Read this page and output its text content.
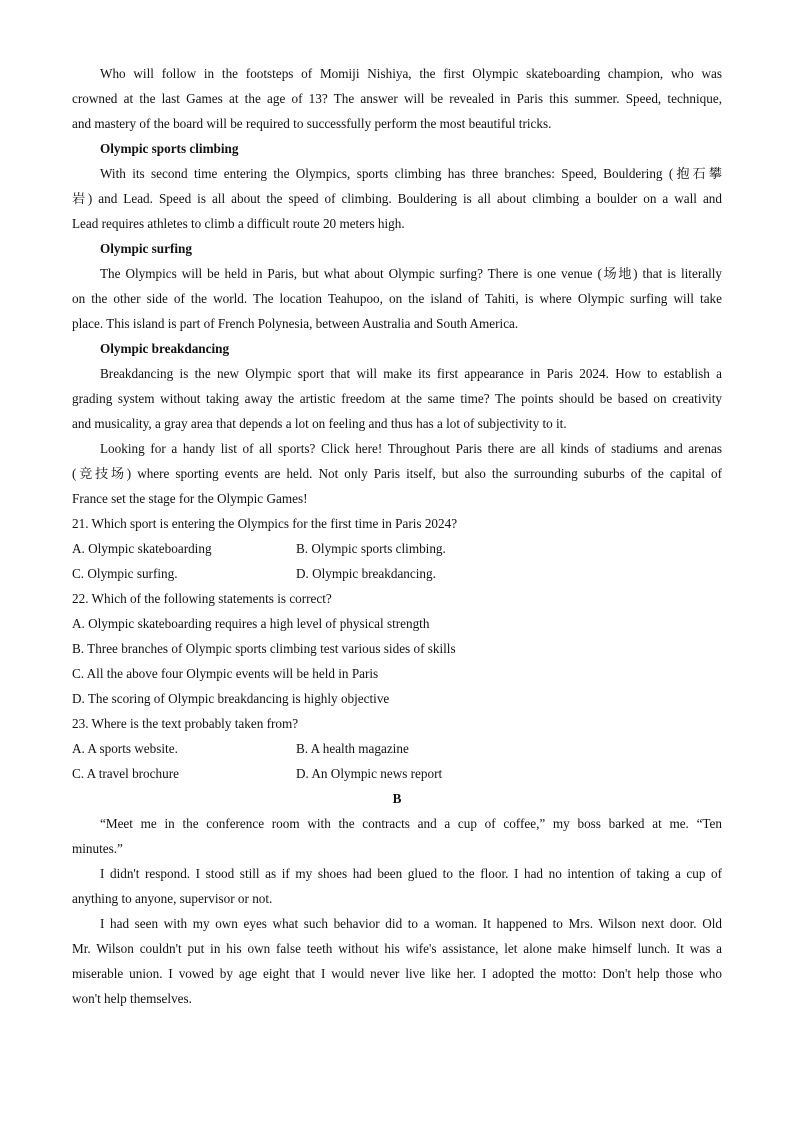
Who will follow in the footsteps of Momiji Nishiya, the first Olympic skateboarding champion, who was
crowned at the last Games at the age of 13? The answer will be revealed in Paris this summer. Speed, technique,
and mastery of the board will be required to successfully perform the most beautiful tricks.
Olympic sports climbing
With its second time entering the Olympics, sports climbing has three branches: Speed, Bouldering (抱石攀
岩) and Lead. Speed is all about the speed of climbing. Bouldering is all about climbing a boulder on a wall and
Lead requires athletes to climb a difficult route 20 meters high.
Olympic surfing
The Olympics will be held in Paris, but what about Olympic surfing? There is one venue (场地) that is literally
on the other side of the world. The location Teahupoo, on the island of Tahiti, is where Olympic surfing will take
place. This island is part of French Polynesia, between Australia and South America.
Olympic breakdancing
Breakdancing is the new Olympic sport that will make its first appearance in Paris 2024. How to establish a
grading system without taking away the artistic freedom at the same time? The points should be based on creativity
and musicality, a gray area that depends a lot on feeling and thus has a lot of subjectivity to it.
Looking for a handy list of all sports? Click here! Throughout Paris there are all kinds of stadiums and arenas
(竞技场) where sporting events are held. Not only Paris itself, but also the surrounding suburbs of the capital of
France set the stage for the Olympic Games!
21. Which sport is entering the Olympics for the first time in Paris 2024?
A. Olympic skateboarding	B. Olympic sports climbing.
C. Olympic surfing.	D. Olympic breakdancing.
22. Which of the following statements is correct?
A. Olympic skateboarding requires a high level of physical strength
B. Three branches of Olympic sports climbing test various sides of skills
C. All the above four Olympic events will be held in Paris
D. The scoring of Olympic breakdancing is highly objective
23. Where is the text probably taken from?
A. A sports website.	B. A health magazine
C. A travel brochure	D. An Olympic news report
B
“Meet me in the conference room with the contracts and a cup of coffee,” my boss barked at me. “Ten
minutes.”
I didn't respond. I stood still as if my shoes had been glued to the floor. I had no intention of taking a cup of
anything to anyone, supervisor or not.
I had seen with my own eyes what such behavior did to a woman. It happened to Mrs. Wilson next door. Old
Mr. Wilson couldn't put in his own false teeth without his wife's assistance, let alone make himself lunch. It was a
miserable union. I vowed by age eight that I would never live like her. I adopted the motto: Don't help those who
won't help themselves.
